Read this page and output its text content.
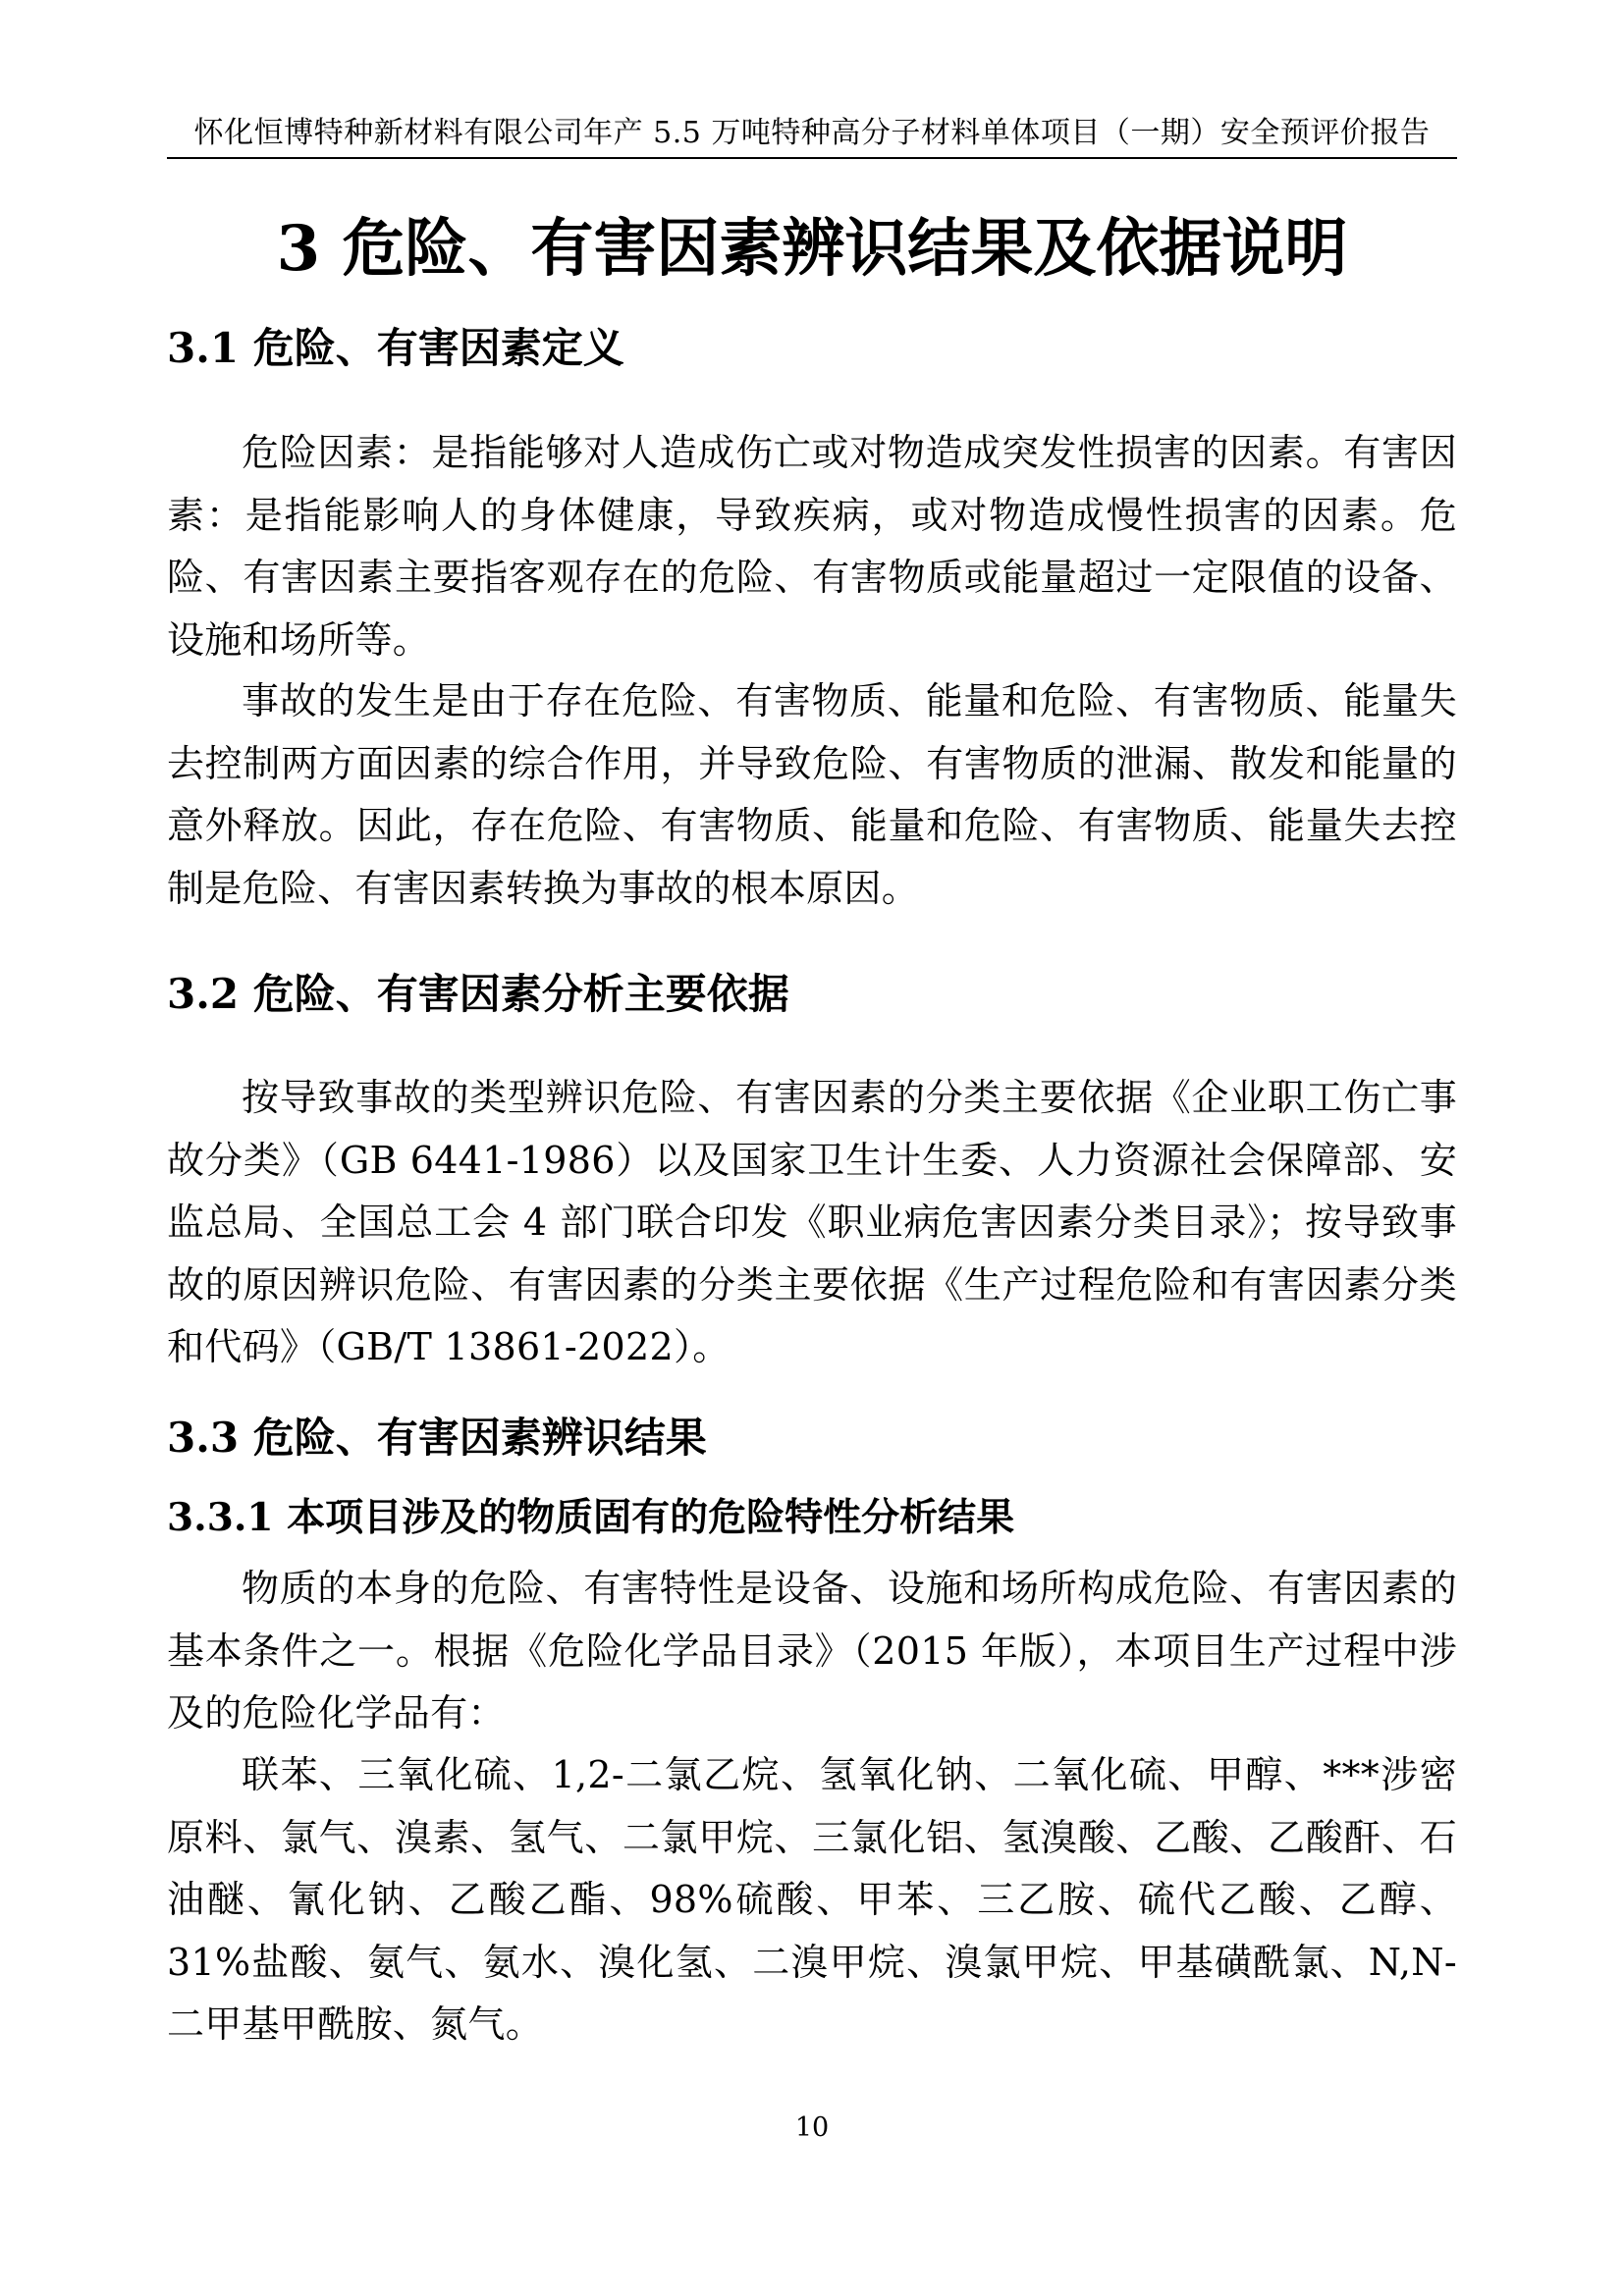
怀化恒博特种新材料有限公司年产 5.5 万吨特种高分子材料单体项目（一期）安全预评价报告
3 危险、有害因素辨识结果及依据说明
3.1 危险、有害因素定义

危险因素：是指能够对人造成伤亡或对物造成突发性损害的因素。有害因素：是指能影响人的身体健康，导致疾病，或对物造成慢性损害的因素。危险、有害因素主要指客观存在的危险、有害物质或能量超过一定限值的设备、设施和场所等。

事故的发生是由于存在危险、有害物质、能量和危险、有害物质、能量失去控制两方面因素的综合作用，并导致危险、有害物质的泄漏、散发和能量的意外释放。因此，存在危险、有害物质、能量和危险、有害物质、能量失去控制是危险、有害因素转换为事故的根本原因。

3.2 危险、有害因素分析主要依据

按导致事故的类型辨识危险、有害因素的分类主要依据《企业职工伤亡事故分类》（GB 6441-1986）以及国家卫生计生委、人力资源社会保障部、安监总局、全国总工会 4 部门联合印发《职业病危害因素分类目录》；按导致事故的原因辨识危险、有害因素的分类主要依据《生产过程危险和有害因素分类和代码》（GB/T 13861-2022）。

3.3 危险、有害因素辨识结果
3.3.1 本项目涉及的物质固有的危险特性分析结果

物质的本身的危险、有害特性是设备、设施和场所构成危险、有害因素的基本条件之一。根据《危险化学品目录》（2015 年版），本项目生产过程中涉及的危险化学品有：

联苯、三氧化硫、1,2-二氯乙烷、氢氧化钠、二氧化硫、甲醇、***涉密原料、氯气、溴素、氢气、二氯甲烷、三氯化铝、氢溴酸、乙酸、乙酸酐、石油醚、氰化钠、乙酸乙酯、98%硫酸、甲苯、三乙胺、硫代乙酸、乙醇、31%盐酸、氨气、氨水、溴化氢、二溴甲烷、溴氯甲烷、甲基磺酰氯、N,N-二甲基甲酰胺、氮气。

10
